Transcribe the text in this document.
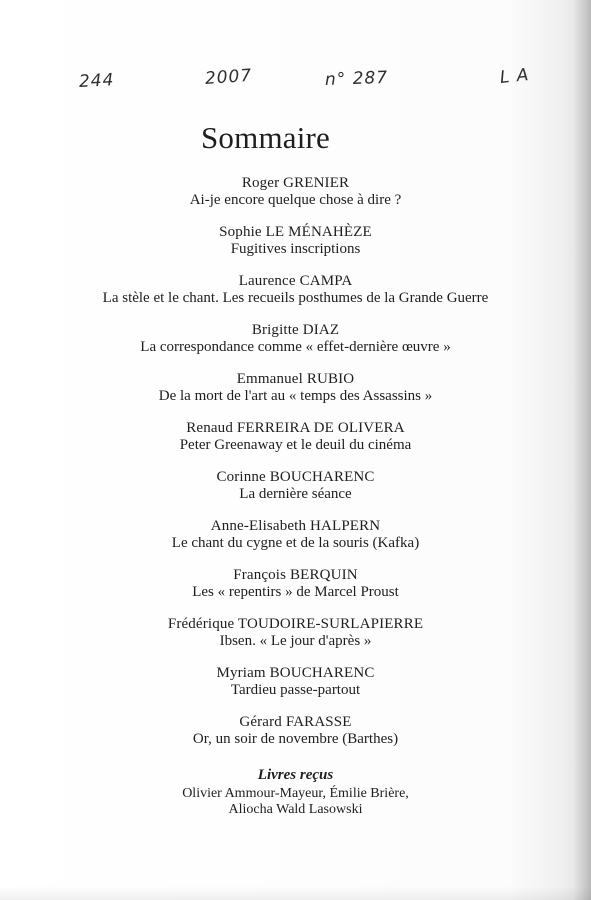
244	2007	n° 287	L A
Sommaire
Roger GRENIER
Ai-je encore quelque chose à dire ?
Sophie LE MÉNAHÈZE
Fugitives inscriptions
Laurence CAMPA
La stèle et le chant. Les recueils posthumes de la Grande Guerre
Brigitte DIAZ
La correspondance comme « effet-dernière œuvre »
Emmanuel RUBIO
De la mort de l'art au « temps des Assassins »
Renaud FERREIRA DE OLIVERA
Peter Greenaway et le deuil du cinéma
Corinne BOUCHARENC
La dernière séance
Anne-Elisabeth HALPERN
Le chant du cygne et de la souris (Kafka)
François BERQUIN
Les « repentirs » de Marcel Proust
Frédérique TOUDOIRE-SURLAPIERRE
Ibsen. « Le jour d'après »
Myriam BOUCHARENC
Tardieu passe-partout
Gérard FARASSE
Or, un soir de novembre (Barthes)
Livres reçus
Olivier Ammour-Mayeur, Émilie Brière,
Aliocha Wald Lasowski
